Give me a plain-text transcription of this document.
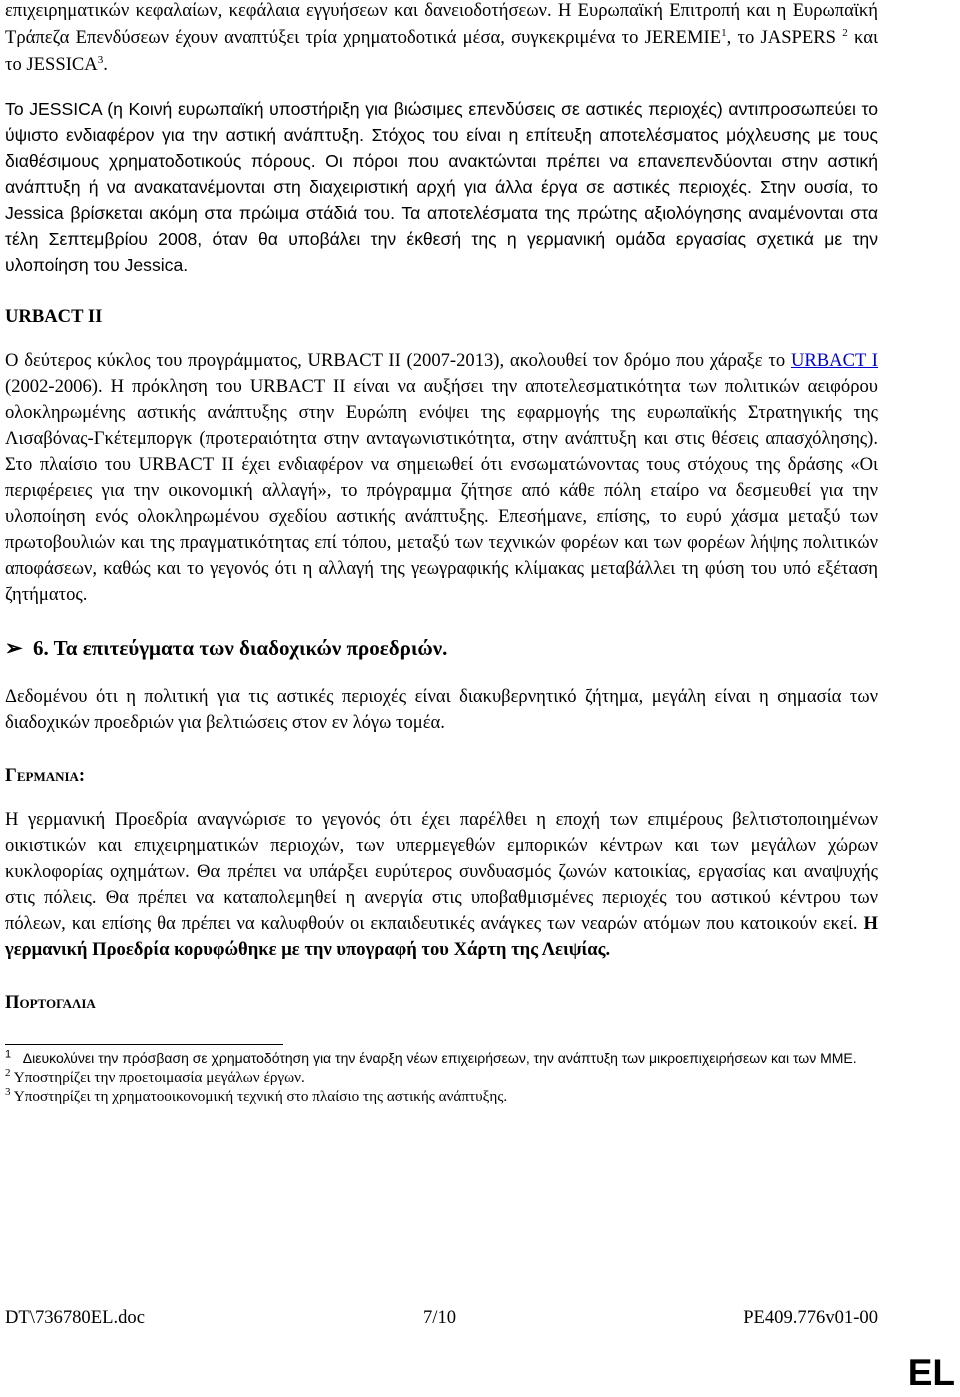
επιχειρηματικών κεφαλαίων, κεφάλαια εγγυήσεων και δανειοδοτήσεων. Η Ευρωπαϊκή Επιτροπή και η Ευρωπαϊκή Τράπεζα Επενδύσεων έχουν αναπτύξει τρία χρηματοδοτικά μέσα, συγκεκριμένα το JEREMIE$^1$, το JASPERS $^2$ και το JESSICA$^3$.

Το JESSICA (η Κοινή ευρωπαϊκή υποστήριξη για βιώσιμες επενδύσεις σε αστικές περιοχές) αντιπροσωπεύει το ύψιστο ενδιαφέρον για την αστική ανάπτυξη. Στόχος του είναι η επίτευξη αποτελέσματος μόχλευσης με τους διαθέσιμους χρηματοδοτικούς πόρους. Οι πόροι που ανακτώνται πρέπει να επανεπενδύονται στην αστική ανάπτυξη ή να ανακατανέμονται στη διαχειριστική αρχή για άλλα έργα σε αστικές περιοχές. Στην ουσία, το Jessica βρίσκεται ακόμη στα πρώιμα στάδιά του. Τα αποτελέσματα της πρώτης αξιολόγησης αναμένονται στα τέλη Σεπτεμβρίου 2008, όταν θα υποβάλει την έκθεσή της η γερμανική ομάδα εργασίας σχετικά με την υλοποίηση του Jessica.

URBACT II

Ο δεύτερος κύκλος του προγράμματος, URBACT II (2007-2013), ακολουθεί τον δρόμο που χάραξε το URBACT I (2002-2006). Η πρόκληση του URBACT II είναι να αυξήσει την αποτελεσματικότητα των πολιτικών αειφόρου ολοκληρωμένης αστικής ανάπτυξης στην Ευρώπη ενόψει της εφαρμογής της ευρωπαϊκής Στρατηγικής της Λισαβόνας-Γκέτεμποργκ (προτεραιότητα στην ανταγωνιστικότητα, στην ανάπτυξη και στις θέσεις απασχόλησης). Στο πλαίσιο του URBACT II έχει ενδιαφέρον να σημειωθεί ότι ενσωματώνοντας τους στόχους της δράσης «Οι περιφέρειες για την οικονομική αλλαγή», το πρόγραμμα ζήτησε από κάθε πόλη εταίρο να δεσμευθεί για την υλοποίηση ενός ολοκληρωμένου σχεδίου αστικής ανάπτυξης. Επεσήμανε, επίσης, το ευρύ χάσμα μεταξύ των πρωτοβουλιών και της πραγματικότητας επί τόπου, μεταξύ των τεχνικών φορέων και των φορέων λήψης πολιτικών αποφάσεων, καθώς και το γεγονός ότι η αλλαγή της γεωγραφικής κλίμακας μεταβάλλει τη φύση του υπό εξέταση ζητήματος.

➢ 6. Τα επιτεύγματα των διαδοχικών προεδριών.

Δεδομένου ότι η πολιτική για τις αστικές περιοχές είναι διακυβερνητικό ζήτημα, μεγάλη είναι η σημασία των διαδοχικών προεδριών για βελτιώσεις στον εν λόγω τομέα.

Γερμανια:

Η γερμανική Προεδρία αναγνώρισε το γεγονός ότι έχει παρέλθει η εποχή των επιμέρους βελτιστοποιημένων οικιστικών και επιχειρηματικών περιοχών, των υπερμεγεθών εμπορικών κέντρων και των μεγάλων χώρων κυκλοφορίας οχημάτων. Θα πρέπει να υπάρξει ευρύτερος συνδυασμός ζωνών κατοικίας, εργασίας και αναψυχής στις πόλεις. Θα πρέπει να καταπολεμηθεί η ανεργία στις υποβαθμισμένες περιοχές του αστικού κέντρου των πόλεων, και επίσης θα πρέπει να καλυφθούν οι εκπαιδευτικές ανάγκες των νεαρών ατόμων που κατοικούν εκεί. Η γερμανική Προεδρία κορυφώθηκε με την υπογραφή του Χάρτη της Λειψίας.

Πορτογαλια

$^1$ Διευκολύνει την πρόσβαση σε χρηματοδότηση για την έναρξη νέων επιχειρήσεων, την ανάπτυξη των μικροεπιχειρήσεων και των ΜΜΕ.

$^2$ Υποστηρίζει την προετοιμασία μεγάλων έργων.

$^3$ Υποστηρίζει τη χρηματοοικονομική τεχνική στο πλαίσιο της αστικής ανάπτυξης.

DT\736780EL.doc	7/10	PE409.776v01-00
EL
